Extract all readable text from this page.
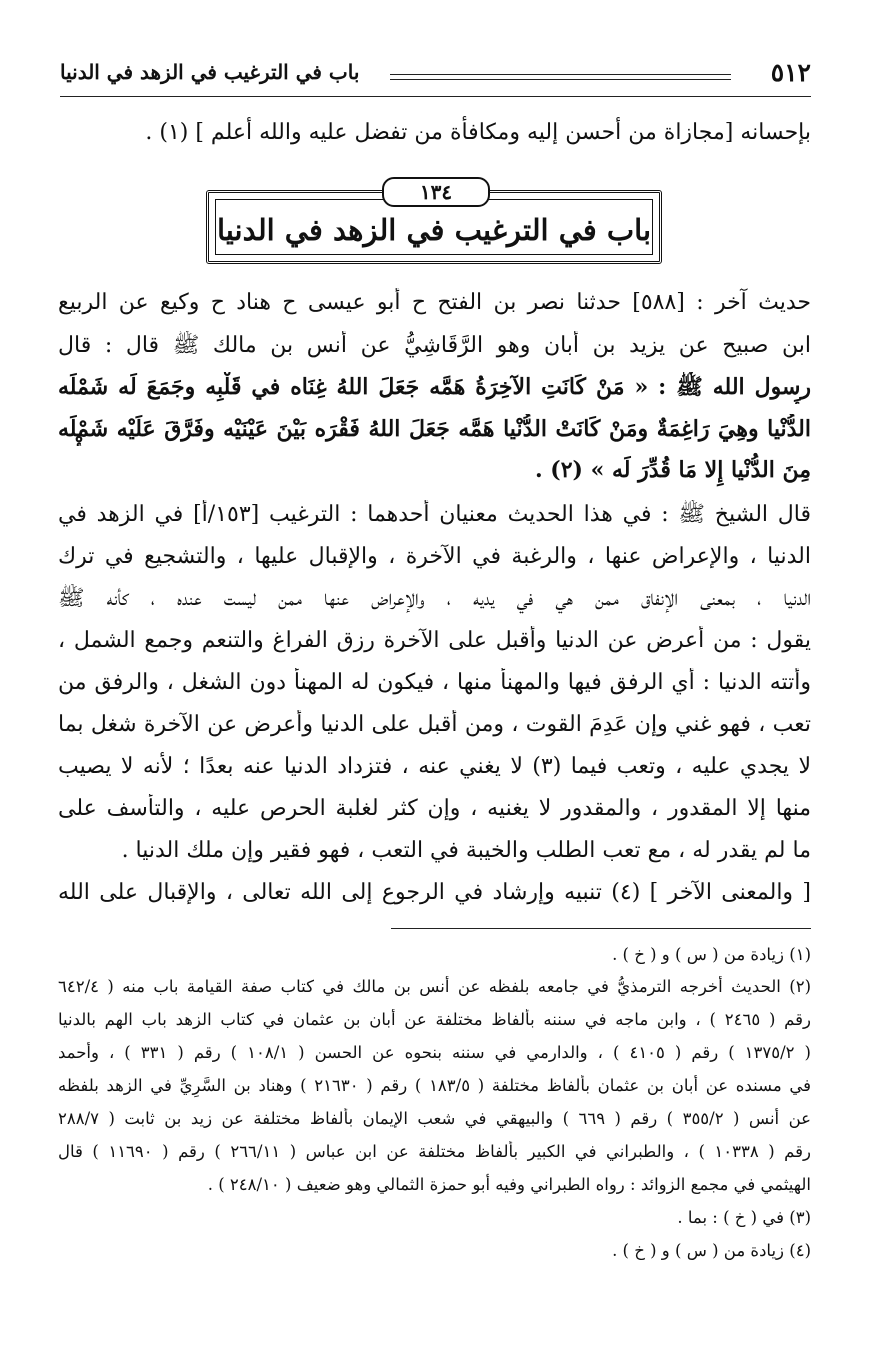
٥١٢
باب في الترغيب في الزهد في الدنيا
بإحسانه [مجازاة من أحسن إليه ومكافأة من تفضل عليه والله أعلم ] (١) .
باب في الترغيب في الزهد في الدنيا
١٣٤
حديث آخر : [٥٨٨] حدثنا نصر بن الفتح ح أبو عيسى ح هناد ح وكيع عن الربيع
ابن صبيح عن يزيد بن أبان وهو الرَّقَاشِيُّ عن أنس بن مالك ﷺ قال : قال
رسول الله ﷺ : « مَنْ كَانَتِ الآخِرَةُ هَمَّه جَعَلَ اللهُ غِنَاه في قَلْبِه وجَمَعَ لَه شَمْلَه
الدُّنْيا وهِيَ رَاغِمَةٌ ومَنْ كَانَتْ الدُّنْيا هَمَّه جَعَلَ اللهُ فَقْرَه بَيْنَ عَيْنَيْه وفَرَّقَ عَلَيْه شَمْلَه
مِنَ الدُّنْيا إِلا مَا قُدِّرَ لَه » (٢) .
قال الشيخ ﷺ : في هذا الحديث معنيان أحدهما : الترغيب [١٥٣/أ] في الزهد في
الدنيا ، والإعراض عنها ، والرغبة في الآخرة ، والإقبال عليها ، والتشجيع في ترك
الدنيا ، بمعنى الإنفاق ممن هي في يديه ، والإعراض عنها ممن ليست عنده ، كأنه ﷺ
يقول : من أعرض عن الدنيا وأقبل على الآخرة رزق الفراغ والتنعم وجمع الشمل ،
وأتته الدنيا : أي الرفق فيها والمهنأ منها ، فيكون له المهنأ دون الشغل ، والرفق من
تعب ، فهو غني وإن عَدِمَ القوت ، ومن أقبل على الدنيا وأعرض عن الآخرة شغل بما
لا يجدي عليه ، وتعب فيما (٣) لا يغني عنه ، فتزداد الدنيا عنه بعدًا ؛ لأنه لا يصيب
منها إلا المقدور ، والمقدور لا يغنيه ، وإن كثر لغلبة الحرص عليه ، والتأسف على
ما لم يقدر له ، مع تعب الطلب والخيبة في التعب ، فهو فقير وإن ملك الدنيا .
[ والمعنى الآخر ] (٤) تنبيه وإرشاد في الرجوع إلى الله تعالى ، والإقبال على الله
(١) زيادة من ( س ) و ( خ ) .
(٢) الحديث أخرجه الترمذيُّ في جامعه بلفظه عن أنس بن مالك في كتاب صفة القيامة باب منه ( ٦٤٢/٤
رقم ( ٢٤٦٥ ) ، وابن ماجه في سننه بألفاظ مختلفة عن أبان بن عثمان في كتاب الزهد باب الهم بالدنيا
( ١٣٧٥/٢ ) رقم ( ٤١٠٥ ) ، والدارمي في سننه بنحوه عن الحسن ( ١٠٨/١ ) رقم ( ٣٣١ ) ، وأحمد
في مسنده عن أبان بن عثمان بألفاظ مختلفة ( ١٨٣/٥ ) رقم ( ٢١٦٣٠ ) وهناد بن السَّرِيِّ في الزهد بلفظه
عن أنس ( ٣٥٥/٢ ) رقم ( ٦٦٩ ) والبيهقي في شعب الإيمان بألفاظ مختلفة عن زيد بن ثابت ( ٢٨٨/٧
رقم ( ١٠٣٣٨ ) ، والطبراني في الكبير بألفاظ مختلفة عن ابن عباس ( ٢٦٦/١١ ) رقم ( ١١٦٩٠ ) قال
الهيثمي في مجمع الزوائد : رواه الطبراني وفيه أبو حمزة الثمالي وهو ضعيف ( ٢٤٨/١٠ ) .
(٣) في ( خ ) : بما .
(٤) زيادة من ( س ) و ( خ ) .
